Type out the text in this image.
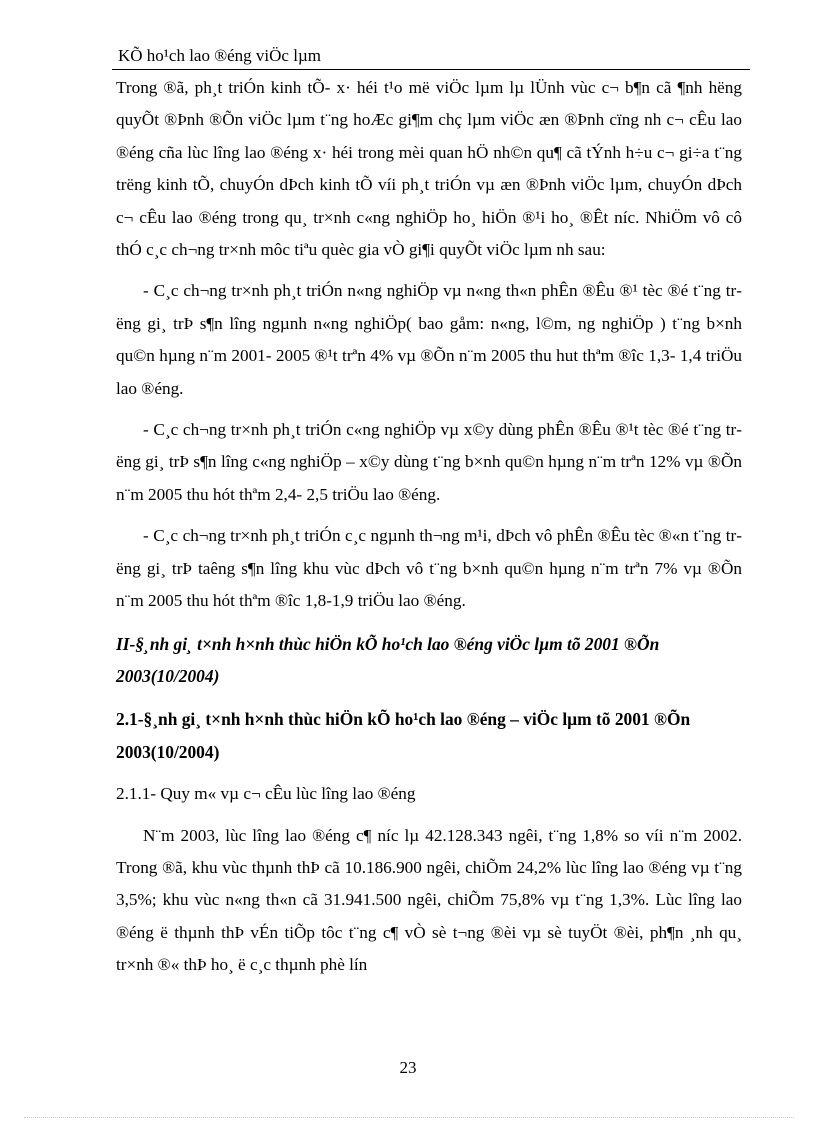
KÕ ho¹ch lao ®éng viÖc lµm

Trong ®ã, ph¸t triÓn kinh tÕ- x· héi t¹o më viÖc lµm lµ lÜnh vùc c¬ b¶n cã ¶nh hëng quyÕt ®Þnh ®Õn viÖc lµm t¨ng hoÆc gi¶m chç lµm viÖc æn ®Þnh cïng nh c¬ cÊu lao ®éng cña lùc lîng lao ®éng x· héi trong mèi quan hÖ nh©n qu¶ cã tÝnh h÷u c¬ gi÷a t¨ng trëng kinh tÕ, chuyÓn dÞch kinh tÕ víi ph¸t triÓn vµ æn ®Þnh viÖc lµm, chuyÓn dÞch c¬ cÊu lao ®éng trong qu¸ tr×nh c«ng nghiÖp ho¸ hiÖn ®¹i ho¸ ®Êt níc. NhiÖm vô cô thÓ c¸c ch¬ng tr×nh môc tiªu quèc gia vÒ gi¶i quyÕt viÖc lµm nh sau:

- C¸c ch¬ng tr×nh ph¸t triÓn n«ng nghiÖp vµ n«ng th«n phÊn ®Êu ®¹ tèc ®é t¨ng trëng gi¸ trÞ s¶n lîng ngµnh n«ng nghiÖp( bao gåm: n«ng, l©m, ng nghiÖp ) t¨ng b×nh qu©n hµng n¨m 2001- 2005 ®¹t trªn 4% vµ ®Õn n¨m 2005 thu hut thªm ®îc 1,3- 1,4 triÖu lao ®éng.

- C¸c ch¬ng tr×nh ph¸t triÓn c«ng nghiÖp vµ x©y dùng phÊn ®Êu ®¹t tèc ®é t¨ng trëng gi¸ trÞ s¶n lîng c«ng nghiÖp – x©y dùng t¨ng b×nh qu©n hµng n¨m trªn 12% vµ ®Õn n¨m 2005 thu hót thªm 2,4- 2,5 triÖu lao ®éng.

- C¸c ch¬ng tr×nh ph¸t triÓn c¸c ngµnh th¬ng m¹i, dÞch vô phÊn ®Êu tèc ®«n t¨ng trëng gi¸ trÞ taêng s¶n lîng khu vùc dÞch vô t¨ng b×nh qu©n hµng n¨m trªn 7% vµ ®Õn n¨m 2005 thu hót thªm ®îc 1,8-1,9 triÖu lao ®éng.

II-§¸nh gi¸ t×nh h×nh thùc hiÖn kÕ ho¹ch lao ®éng viÖc lµm tõ 2001 ®Õn 2003(10/2004)

2.1-§¸nh gi¸ t×nh h×nh thùc hiÖn kÕ ho¹ch lao ®éng – viÖc lµm tõ 2001 ®Õn 2003(10/2004)

2.1.1- Quy m« vµ c¬ cÊu lùc lîng lao ®éng

N¨m 2003, lùc lîng lao ®éng c¶ níc lµ 42.128.343 ngêi, t¨ng 1,8% so víi n¨m 2002. Trong ®ã, khu vùc thµnh thÞ cã 10.186.900 ngêi, chiÕm 24,2% lùc lîng lao ®éng vµ t¨ng 3,5%; khu vùc n«ng th«n cã 31.941.500 ngêi, chiÕm 75,8% vµ t¨ng 1,3%. Lùc lîng lao ®éng ë thµnh thÞ vÉn tiÕp tôc t¨ng c¶ vÒ sè t¬ng ®èi vµ sè tuyÖt ®èi, ph¶n ¸nh qu¸ tr×nh ®« thÞ ho¸ ë c¸c thµnh phè lín

23
